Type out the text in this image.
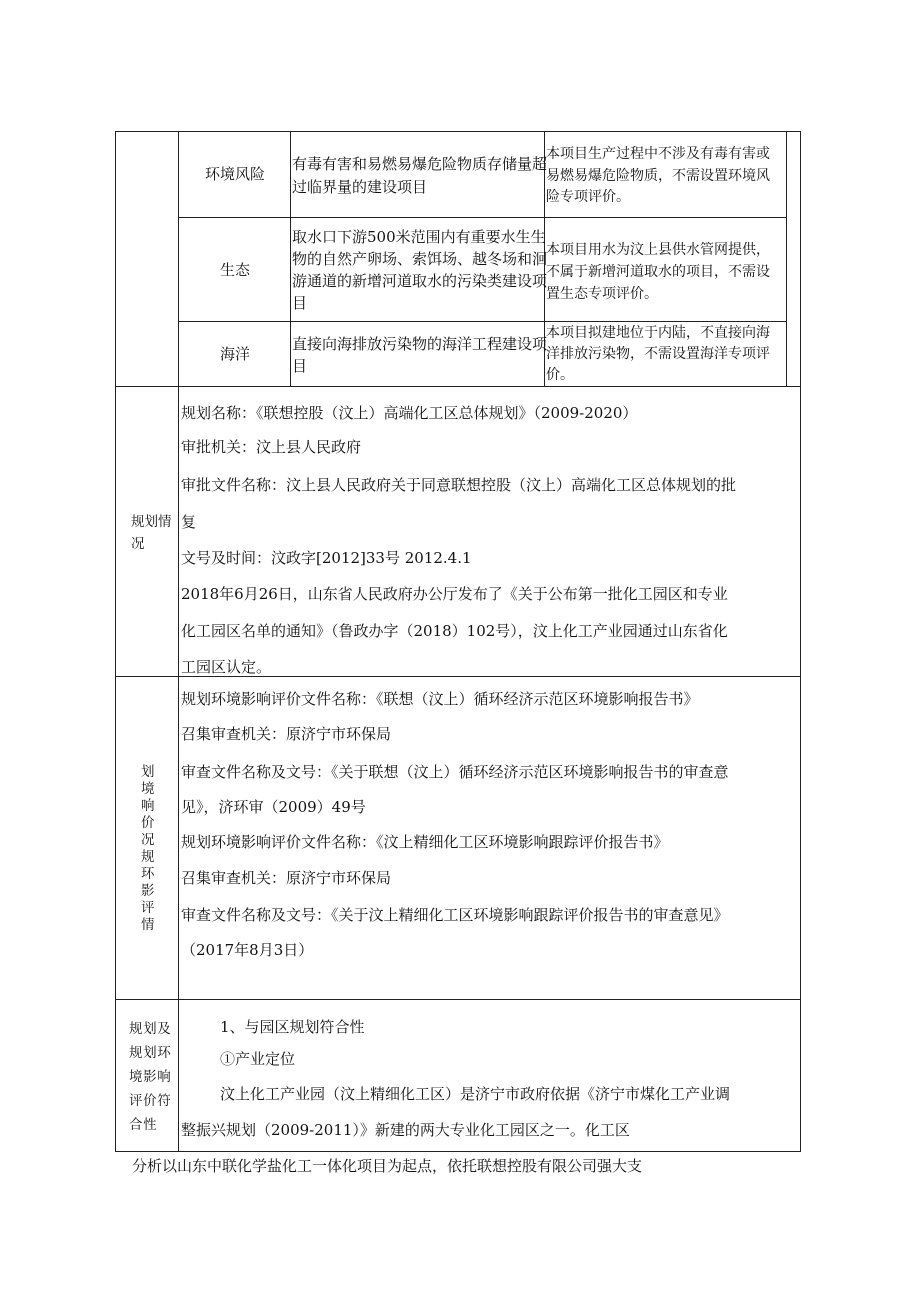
环境风险
有毒有害和易燃易爆危险物质存储量超
过临界量的建设项目
本项目生产过程中不涉及有毒有害或
易燃易爆危险物质，不需设置环境风
险专项评价。
生态
取水口下游500米范围内有重要水生生
物的自然产卵场、索饵场、越冬场和洄
游通道的新增河道取水的污染类建设项
目
本项目用水为汶上县供水管网提供，
不属于新增河道取水的项目，不需设
置生态专项评价。
海洋
直接向海排放污染物的海洋工程建设项
目
本项目拟建地位于内陆，不直接向海
洋排放污染物，不需设置海洋专项评
价。
规划情
况
规划名称：《联想控股（汶上）高端化工区总体规划》（2009-2020）
审批机关：汶上县人民政府
审批文件名称：汶上县人民政府关于同意联想控股（汶上）高端化工区总体规划的批
复
文号及时间：汶政字[2012]33号 2012.4.1
2018年6月26日，山东省人民政府办公厅发布了《关于公布第一批化工园区和专业
化工园区名单的通知》（鲁政办字（2018）102号），汶上化工产业园通过山东省化
工园区认定。
划
境
响
价
况
规
环
影
评
情
规划环境影响评价文件名称：《联想（汶上）循环经济示范区环境影响报告书》
召集审查机关：原济宁市环保局
审查文件名称及文号：《关于联想（汶上）循环经济示范区环境影响报告书的审查意
见》，济环审（2009）49号
规划环境影响评价文件名称：《汶上精细化工区环境影响跟踪评价报告书》
召集审查机关：原济宁市环保局
审查文件名称及文号：《关于汶上精细化工区环境影响跟踪评价报告书的审查意见》
（2017年8月3日）
规划及
规划环
境影响
评价符
合性
1、与园区规划符合性
①产业定位
汶上化工产业园（汶上精细化工区）是济宁市政府依据《济宁市煤化工产业调
整振兴规划（2009-2011）》新建的两大专业化工园区之一。化工区
分析以山东中联化学盐化工一体化项目为起点，依托联想控股有限公司强大支
